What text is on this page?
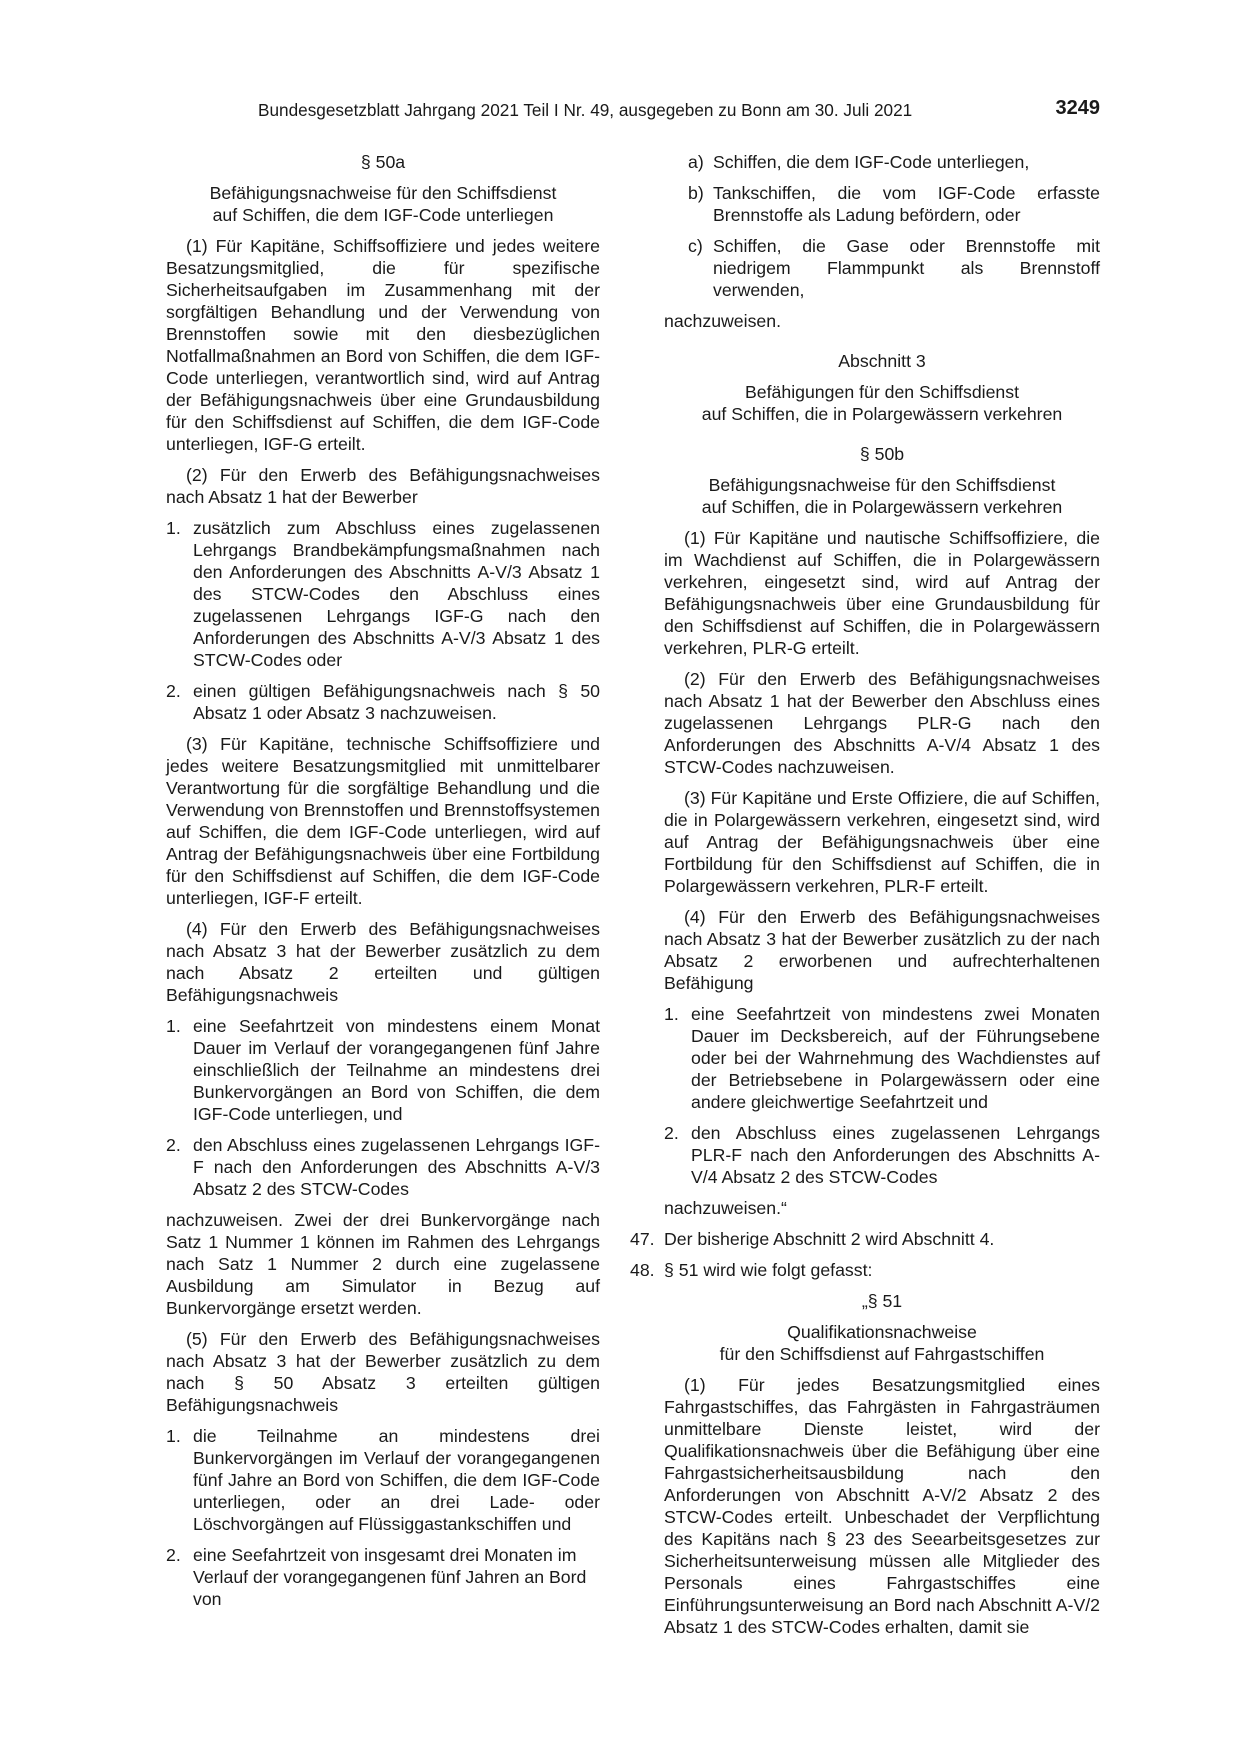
Bundesgesetzblatt Jahrgang 2021 Teil I Nr. 49, ausgegeben zu Bonn am 30. Juli 2021	3249

§ 50a

Befähigungsnachweise für den Schiffsdienst

auf Schiffen, die dem IGF-Code unterliegen

(1) Für Kapitäne, Schiffsoffiziere und jedes weitere Besatzungsmitglied, die für spezifische Sicherheitsaufgaben im Zusammenhang mit der sorgfältigen Behandlung und der Verwendung von Brennstoffen sowie mit den diesbezüglichen Notfallmaßnahmen an Bord von Schiffen, die dem IGF-Code unterliegen, verantwortlich sind, wird auf Antrag der Befähigungsnachweis über eine Grundausbildung für den Schiffsdienst auf Schiffen, die dem IGF-Code unterliegen, IGF-G erteilt.

(2) Für den Erwerb des Befähigungsnachweises nach Absatz 1 hat der Bewerber

1. zusätzlich zum Abschluss eines zugelassenen Lehrgangs Brandbekämpfungsmaßnahmen nach den Anforderungen des Abschnitts A-V/3 Absatz 1 des STCW-Codes den Abschluss eines zugelassenen Lehrgangs IGF-G nach den Anforderungen des Abschnitts A-V/3 Absatz 1 des STCW-Codes oder
2. einen gültigen Befähigungsnachweis nach § 50 Absatz 1 oder Absatz 3 nachzuweisen.

(3) Für Kapitäne, technische Schiffsoffiziere und jedes weitere Besatzungsmitglied mit unmittelbarer Verantwortung für die sorgfältige Behandlung und die Verwendung von Brennstoffen und Brennstoffsystemen auf Schiffen, die dem IGF-Code unterliegen, wird auf Antrag der Befähigungsnachweis über eine Fortbildung für den Schiffsdienst auf Schiffen, die dem IGF-Code unterliegen, IGF-F erteilt.

(4) Für den Erwerb des Befähigungsnachweises nach Absatz 3 hat der Bewerber zusätzlich zu dem nach Absatz 2 erteilten und gültigen Befähigungsnachweis

1. eine Seefahrtzeit von mindestens einem Monat Dauer im Verlauf der vorangegangenen fünf Jahre einschließlich der Teilnahme an mindestens drei Bunkervorgängen an Bord von Schiffen, die dem IGF-Code unterliegen, und
2. den Abschluss eines zugelassenen Lehrgangs IGF-F nach den Anforderungen des Abschnitts A-V/3 Absatz 2 des STCW-Codes

nachzuweisen. Zwei der drei Bunkervorgänge nach Satz 1 Nummer 1 können im Rahmen des Lehrgangs nach Satz 1 Nummer 2 durch eine zugelassene Ausbildung am Simulator in Bezug auf Bunkervorgänge ersetzt werden.

(5) Für den Erwerb des Befähigungsnachweises nach Absatz 3 hat der Bewerber zusätzlich zu dem nach § 50 Absatz 3 erteilten gültigen Befähigungsnachweis

1. die Teilnahme an mindestens drei Bunkervorgängen im Verlauf der vorangegangenen fünf Jahre an Bord von Schiffen, die dem IGF-Code unterliegen, oder an drei Lade- oder Löschvorgängen auf Flüssiggastankschiffen und
2. eine Seefahrtzeit von insgesamt drei Monaten im Verlauf der vorangegangenen fünf Jahren an Bord von
a) Schiffen, die dem IGF-Code unterliegen,
b) Tankschiffen, die vom IGF-Code erfasste Brennstoffe als Ladung befördern, oder
c) Schiffen, die Gase oder Brennstoffe mit niedrigem Flammpunkt als Brennstoff verwenden,

nachzuweisen.

Abschnitt 3

Befähigungen für den Schiffsdienst

auf Schiffen, die in Polargewässern verkehren

§ 50b

Befähigungsnachweise für den Schiffsdienst

auf Schiffen, die in Polargewässern verkehren

(1) Für Kapitäne und nautische Schiffsoffiziere, die im Wachdienst auf Schiffen, die in Polargewässern verkehren, eingesetzt sind, wird auf Antrag der Befähigungsnachweis über eine Grundausbildung für den Schiffsdienst auf Schiffen, die in Polargewässern verkehren, PLR-G erteilt.

(2) Für den Erwerb des Befähigungsnachweises nach Absatz 1 hat der Bewerber den Abschluss eines zugelassenen Lehrgangs PLR-G nach den Anforderungen des Abschnitts A-V/4 Absatz 1 des STCW-Codes nachzuweisen.

(3) Für Kapitäne und Erste Offiziere, die auf Schiffen, die in Polargewässern verkehren, eingesetzt sind, wird auf Antrag der Befähigungsnachweis über eine Fortbildung für den Schiffsdienst auf Schiffen, die in Polargewässern verkehren, PLR-F erteilt.

(4) Für den Erwerb des Befähigungsnachweises nach Absatz 3 hat der Bewerber zusätzlich zu der nach Absatz 2 erworbenen und aufrechterhaltenen Befähigung

1. eine Seefahrtzeit von mindestens zwei Monaten Dauer im Decksbereich, auf der Führungsebene oder bei der Wahrnehmung des Wachdienstes auf der Betriebsebene in Polargewässern oder eine andere gleichwertige Seefahrtzeit und
2. den Abschluss eines zugelassenen Lehrgangs PLR-F nach den Anforderungen des Abschnitts A-V/4 Absatz 2 des STCW-Codes

nachzuweisen.“

47. Der bisherige Abschnitt 2 wird Abschnitt 4.
48. § 51 wird wie folgt gefasst:

„§ 51

Qualifikationsnachweise

für den Schiffsdienst auf Fahrgastschiffen

(1) Für jedes Besatzungsmitglied eines Fahrgastschiffes, das Fahrgästen in Fahrgasträumen unmittelbare Dienste leistet, wird der Qualifikationsnachweis über die Befähigung über eine Fahrgastsicherheitsausbildung nach den Anforderungen von Abschnitt A-V/2 Absatz 2 des STCW-Codes erteilt. Unbeschadet der Verpflichtung des Kapitäns nach § 23 des Seearbeitsgesetzes zur Sicherheitsunterweisung müssen alle Mitglieder des Personals eines Fahrgastschiffes eine Einführungsunterweisung an Bord nach Abschnitt A-V/2 Absatz 1 des STCW-Codes erhalten, damit sie
